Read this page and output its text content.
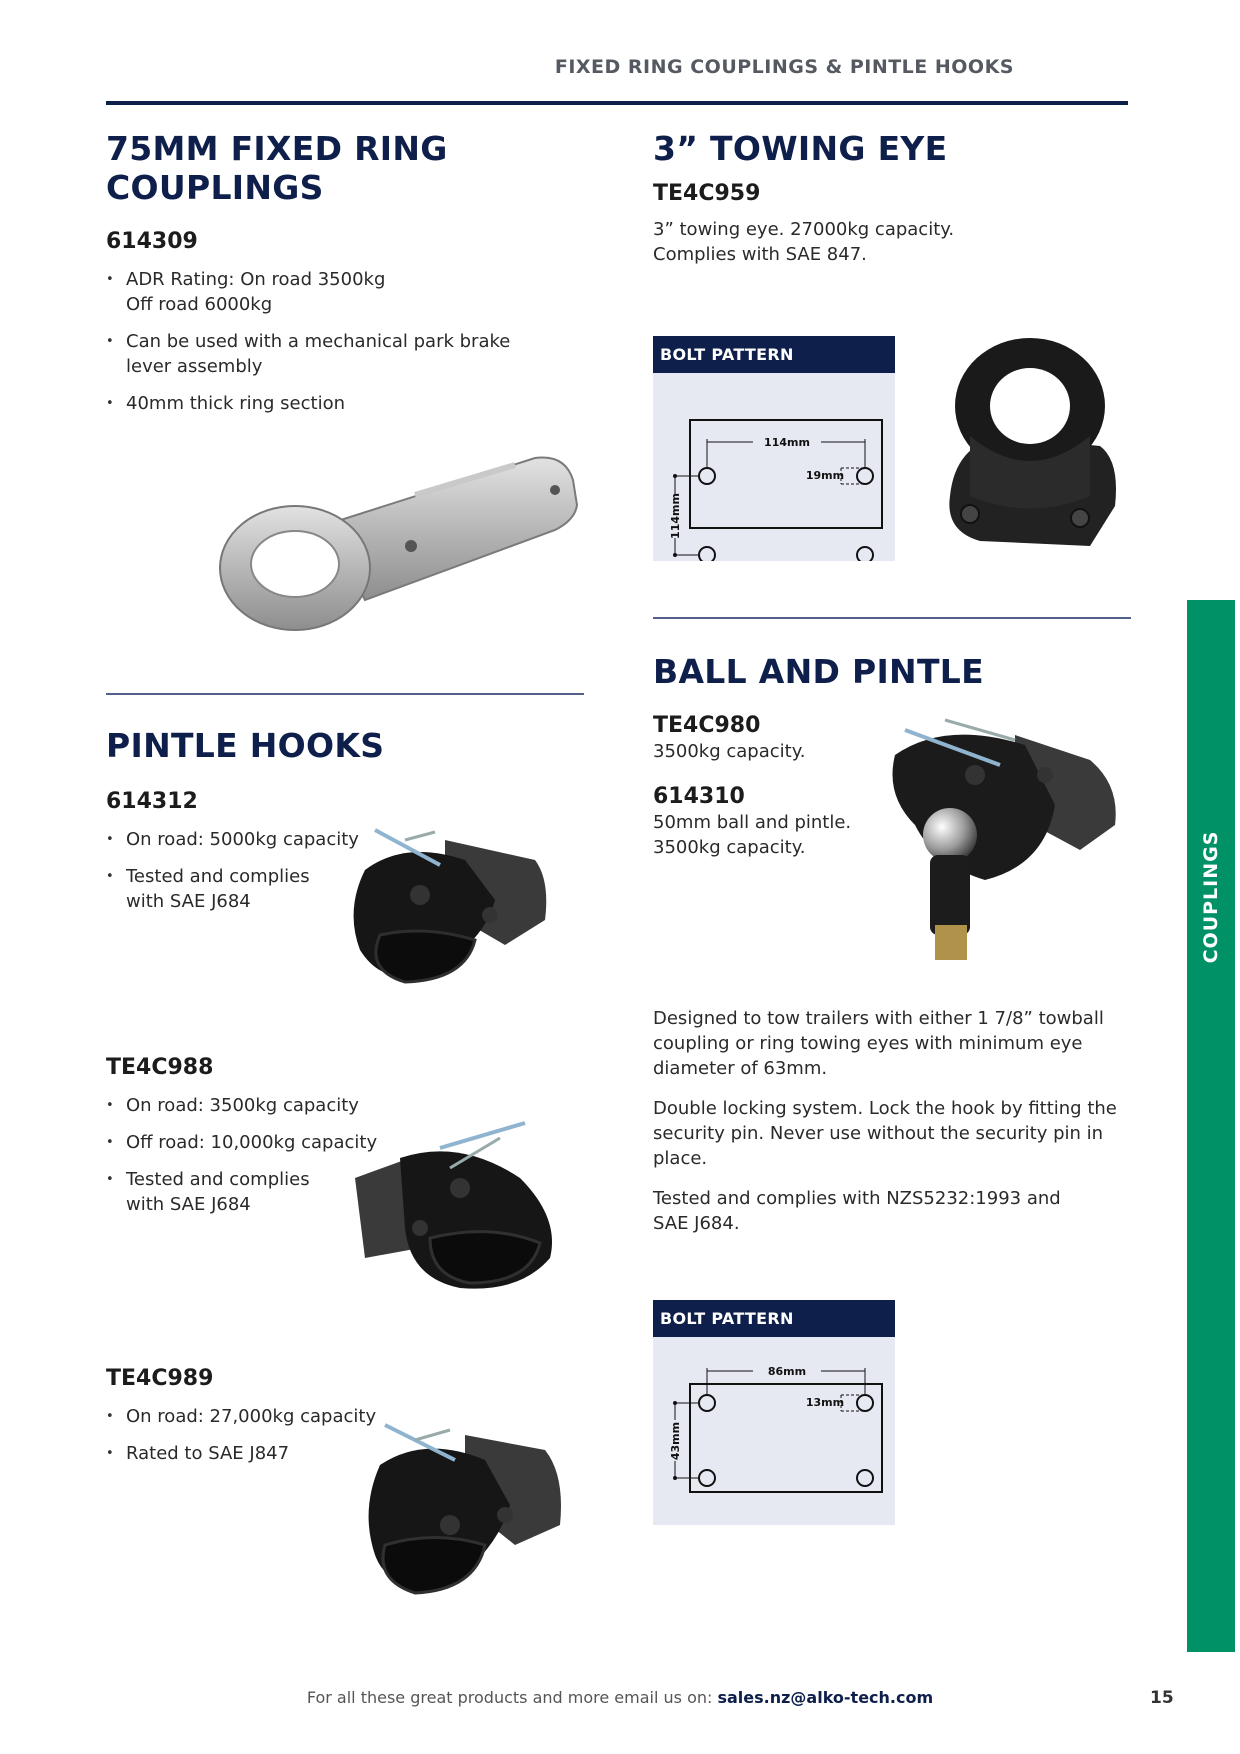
FIXED RING COUPLINGS & PINTLE HOOKS
75MM FIXED RING COUPLINGS
614309
• ADR Rating: On road 3500kg
Off road 6000kg
• Can be used with a mechanical park brake
lever assembly
• 40mm thick ring section
PINTLE HOOKS
614312
• On road: 5000kg capacity
• Tested and complies
with SAE J684
TE4C988
• On road: 3500kg capacity
• Off road: 10,000kg capacity
• Tested and complies
with SAE J684
TE4C989
• On road: 27,000kg capacity
• Rated to SAE J847
3” TOWING EYE
TE4C959
3” towing eye. 27000kg capacity.
Complies with SAE 847.
BOLT PATTERN
114mm
114mm
19mm
BALL AND PINTLE
TE4C980
3500kg capacity.
614310
50mm ball and pintle.
3500kg capacity.
Designed to tow trailers with either 1 7/8” towball
coupling or ring towing eyes with minimum eye
diameter of 63mm.
Double locking system. Lock the hook by fitting the
security pin. Never use without the security pin in
place.
Tested and complies with NZS5232:1993 and
SAE J684.
BOLT PATTERN
86mm
43mm
13mm
COUPLINGS
For all these great products and more email us on: sales.nz@alko-tech.com	15
